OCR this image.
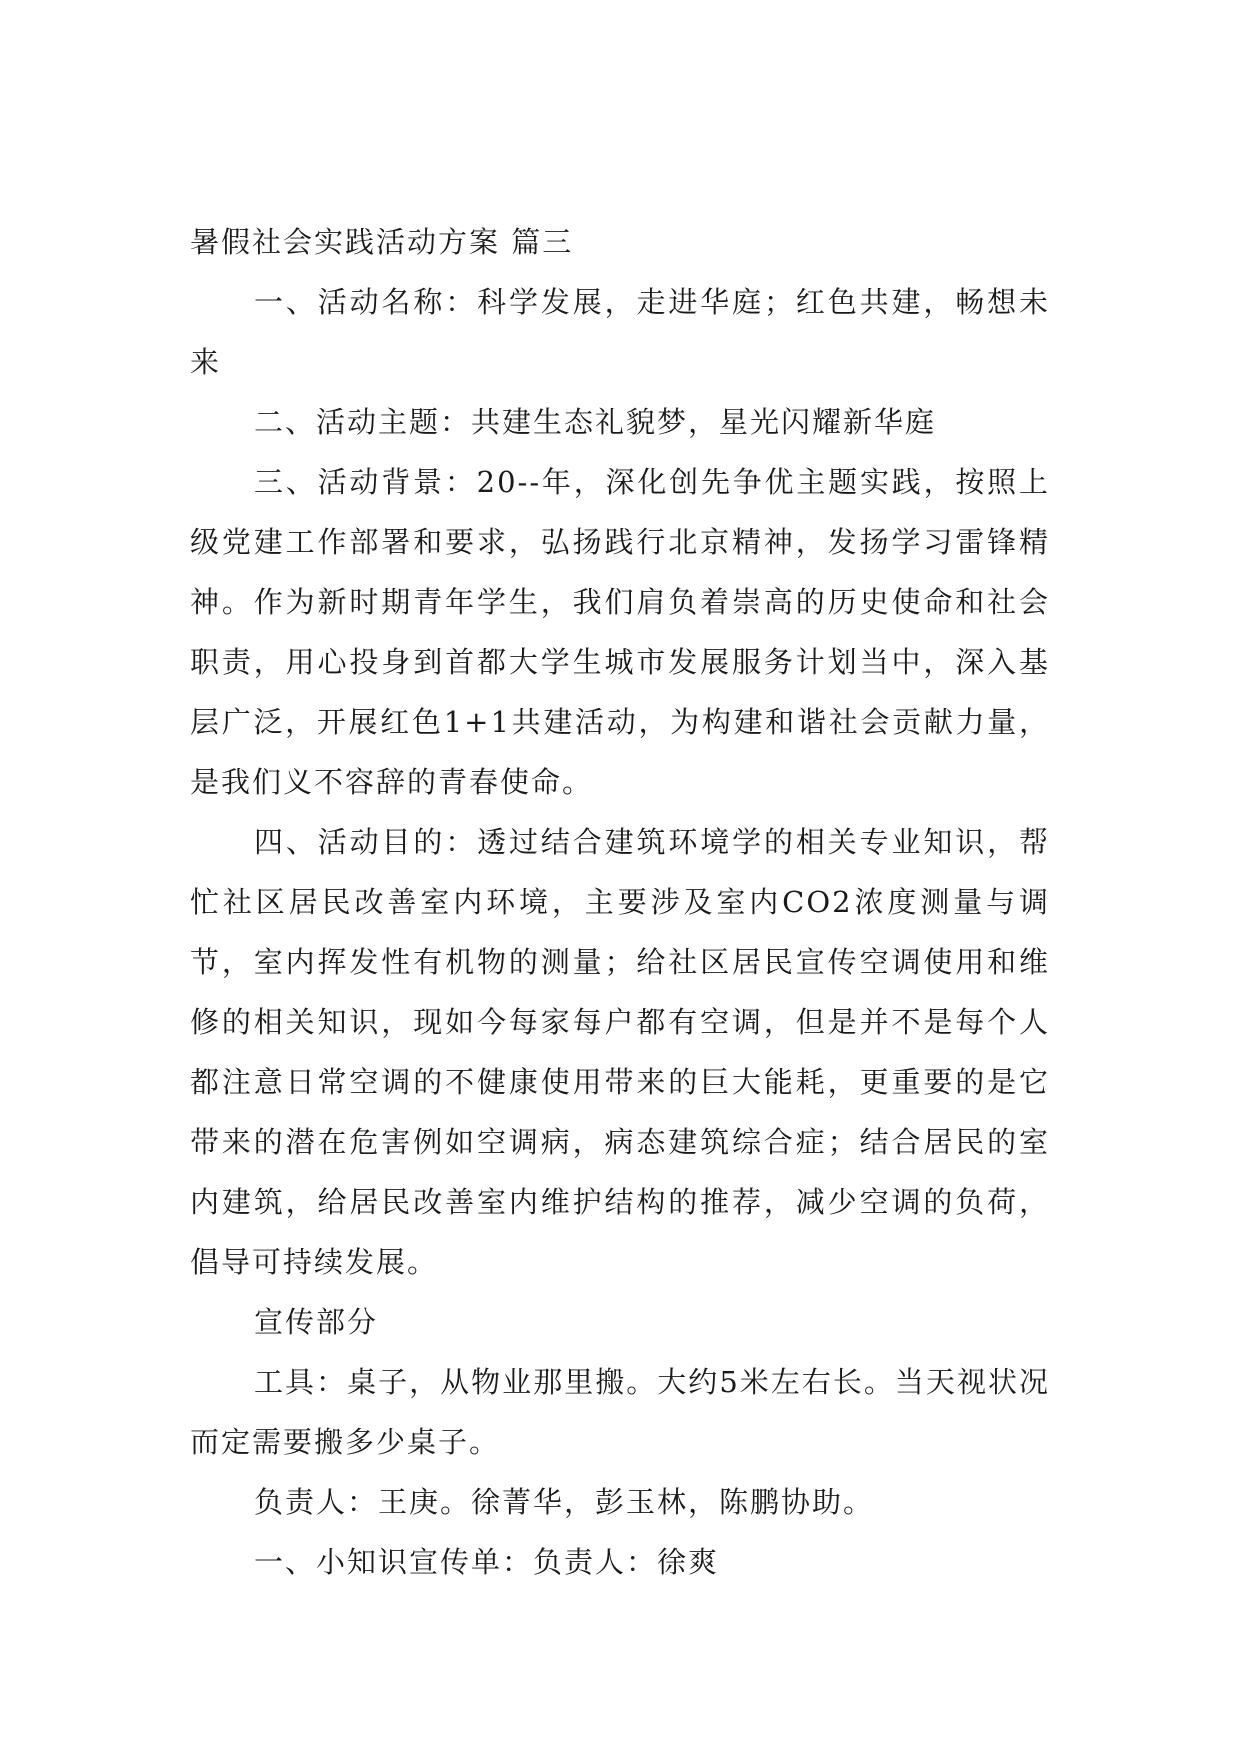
暑假社会实践活动方案 篇三

一、活动名称：科学发展，走进华庭；红色共建，畅想未来

二、活动主题：共建生态礼貌梦，星光闪耀新华庭

三、活动背景：20--年，深化创先争优主题实践，按照上级党建工作部署和要求，弘扬践行北京精神，发扬学习雷锋精神。作为新时期青年学生，我们肩负着崇高的历史使命和社会职责，用心投身到首都大学生城市发展服务计划当中，深入基层广泛，开展红色1+1共建活动，为构建和谐社会贡献力量，是我们义不容辞的青春使命。

四、活动目的：透过结合建筑环境学的相关专业知识，帮忙社区居民改善室内环境，主要涉及室内CO2浓度测量与调节，室内挥发性有机物的测量；给社区居民宣传空调使用和维修的相关知识，现如今每家每户都有空调，但是并不是每个人都注意日常空调的不健康使用带来的巨大能耗，更重要的是它带来的潜在危害例如空调病，病态建筑综合症；结合居民的室内建筑，给居民改善室内维护结构的推荐，减少空调的负荷，倡导可持续发展。

宣传部分

工具：桌子，从物业那里搬。大约5米左右长。当天视状况而定需要搬多少桌子。

负责人：王庚。徐菁华，彭玉林，陈鹏协助。

一、小知识宣传单：负责人：徐爽
